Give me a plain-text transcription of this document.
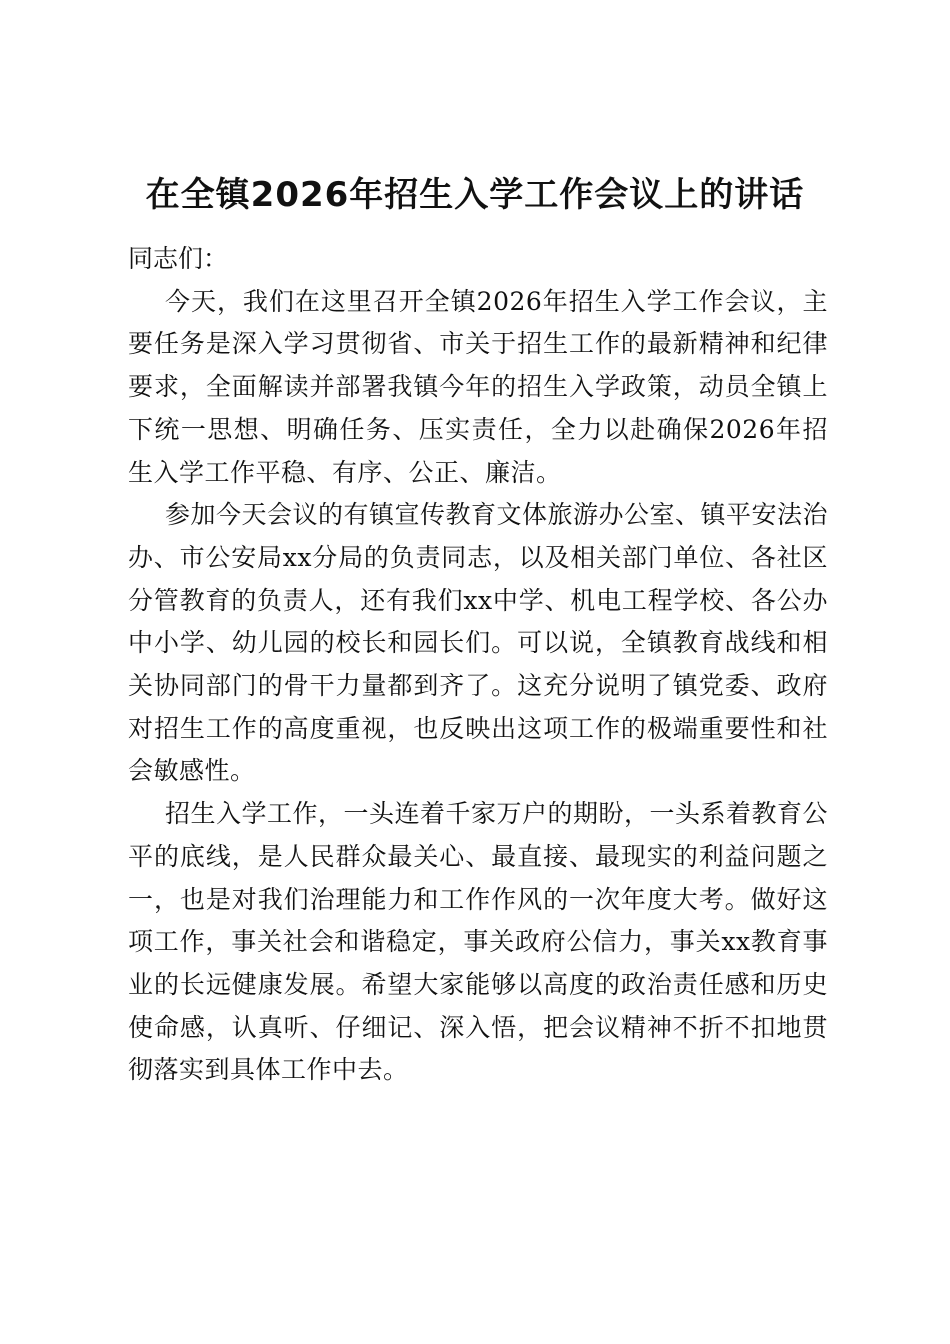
在全镇2026年招生入学工作会议上的讲话

同志们：

今天，我们在这里召开全镇2026年招生入学工作会议，主要任务是深入学习贯彻省、市关于招生工作的最新精神和纪律要求，全面解读并部署我镇今年的招生入学政策，动员全镇上下统一思想、明确任务、压实责任，全力以赴确保2026年招生入学工作平稳、有序、公正、廉洁。

参加今天会议的有镇宣传教育文体旅游办公室、镇平安法治办、市公安局xx分局的负责同志，以及相关部门单位、各社区分管教育的负责人，还有我们xx中学、机电工程学校、各公办中小学、幼儿园的校长和园长们。可以说，全镇教育战线和相关协同部门的骨干力量都到齐了。这充分说明了镇党委、政府对招生工作的高度重视，也反映出这项工作的极端重要性和社会敏感性。

招生入学工作，一头连着千家万户的期盼，一头系着教育公平的底线，是人民群众最关心、最直接、最现实的利益问题之一，也是对我们治理能力和工作作风的一次年度大考。做好这项工作，事关社会和谐稳定，事关政府公信力，事关xx教育事业的长远健康发展。希望大家能够以高度的政治责任感和历史使命感，认真听、仔细记、深入悟，把会议精神不折不扣地贯彻落实到具体工作中去。
